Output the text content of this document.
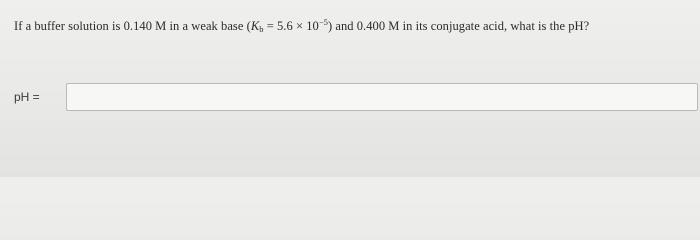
If a buffer solution is 0.140 M in a weak base $(K_b = 5.6 \times 10^{-5})$ and 0.400 M in its conjugate acid, what is the pH?
pH =
